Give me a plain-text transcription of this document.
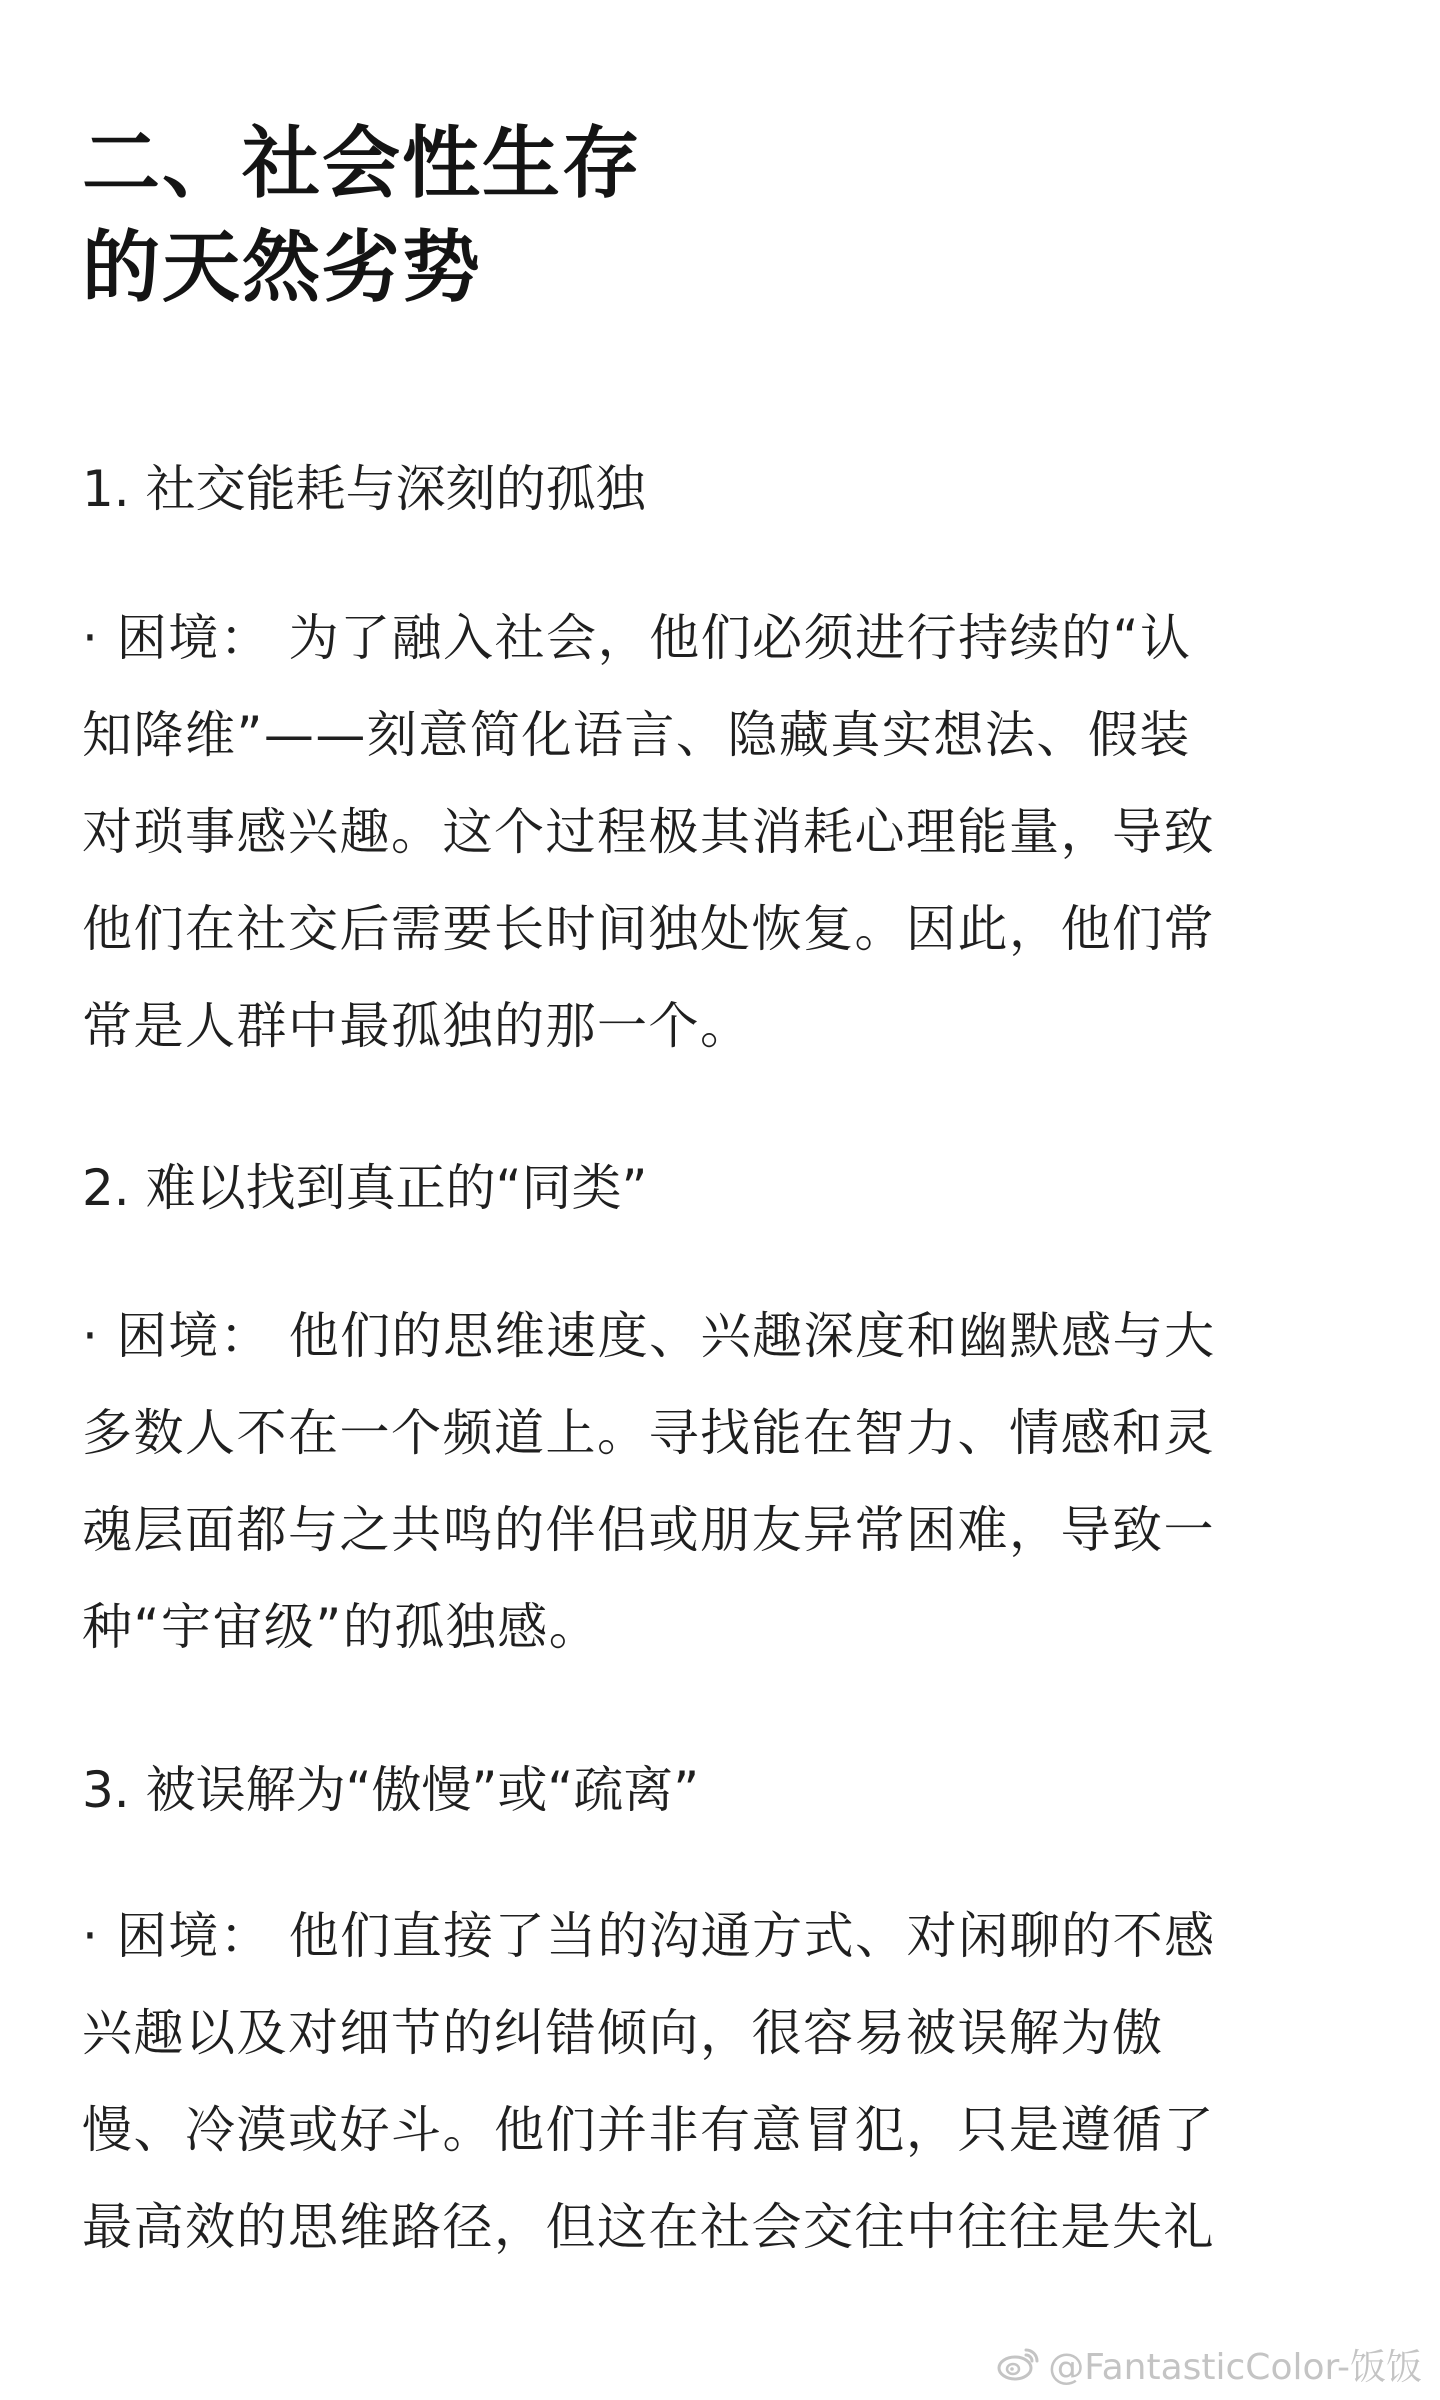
二、社会性生存
的天然劣势
1. 社交能耗与深刻的孤独
· 困境： 为了融入社会，他们必须进行持续的“认
知降维”——刻意简化语言、隐藏真实想法、假装
对琐事感兴趣。这个过程极其消耗心理能量，导致
他们在社交后需要长时间独处恢复。因此，他们常
常是人群中最孤独的那一个。
2. 难以找到真正的“同类”
· 困境： 他们的思维速度、兴趣深度和幽默感与大
多数人不在一个频道上。寻找能在智力、情感和灵
魂层面都与之共鸣的伴侣或朋友异常困难，导致一
种“宇宙级”的孤独感。
3. 被误解为“傲慢”或“疏离”
· 困境： 他们直接了当的沟通方式、对闲聊的不感
兴趣以及对细节的纠错倾向，很容易被误解为傲
慢、冷漠或好斗。他们并非有意冒犯，只是遵循了
最高效的思维路径，但这在社会交往中往往是失礼
@FantasticColor-饭饭
